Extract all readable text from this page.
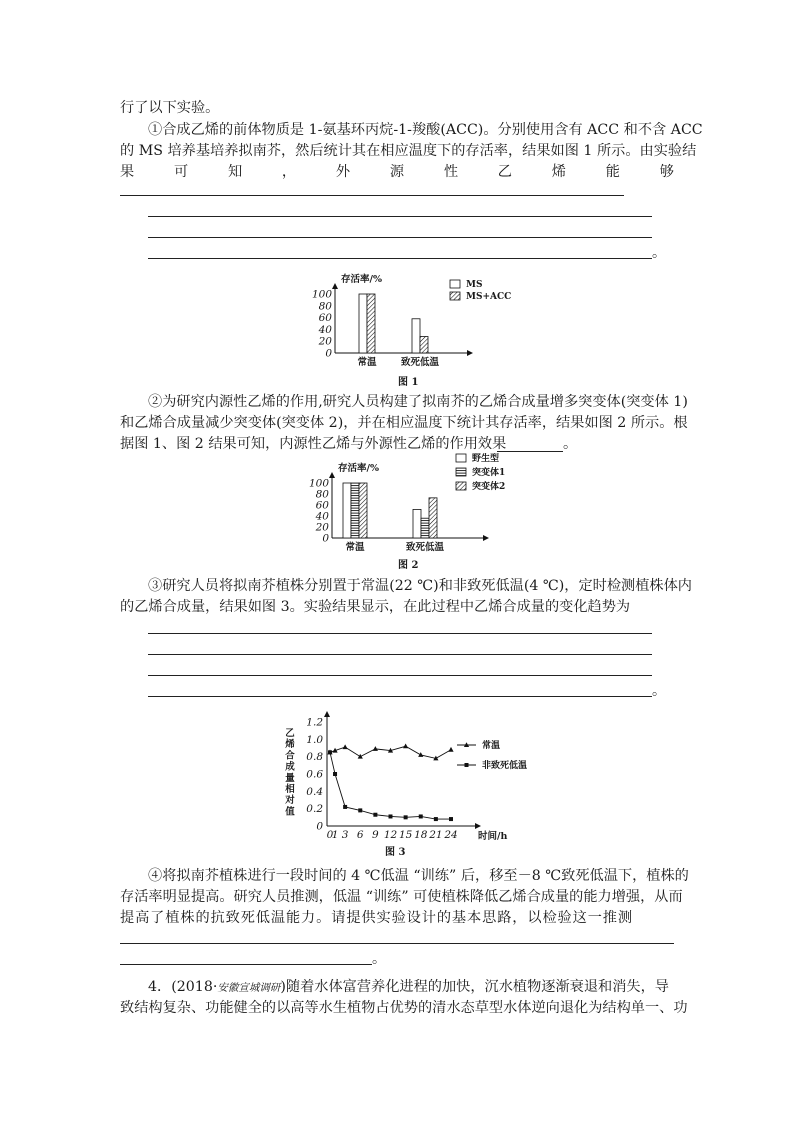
行了以下实验。
①合成乙烯的前体物质是 1-氨基环丙烷-1-羧酸(ACC)。分别使用含有 ACC 和不含 ACC
的 MS 培养基培养拟南芥，然后统计其在相应温度下的存活率，结果如图 1 所示。由实验结
果	可	知	，	外	源	性	乙	烯	能	够
。
存活率/%
100
80
60
40
20
0
常温	致死低温
MS
MS+ACC
图 1
②为研究内源性乙烯的作用,研究人员构建了拟南芥的乙烯合成量增多突变体(突变体 1)
和乙烯合成量减少突变体(突变体 2)，并在相应温度下统计其存活率，结果如图 2 所示。根
据图 1、图 2 结果可知，内源性乙烯与外源性乙烯的作用效果	。
存活率/%
100
80
60
40
20
0
常温	致死低温
野生型
突变体1
突变体2
图 2
③研究人员将拟南芥植株分别置于常温(22 ℃)和非致死低温(4 ℃)，定时检测植株体内
的乙烯合成量，结果如图 3。实验结果显示，在此过程中乙烯合成量的变化趋势为
。
1.2
1.0
0.8
0.6
0.4
0.2
0
0
1 3 6 9 12 15 18 21 24 时间/h
乙
烯
合
成
量
相
对
值
常温
非致死低温
图 3
④将拟南芥植株进行一段时间的 4 ℃低温 “训练” 后，移至－8 ℃致死低温下，植株的
存活率明显提高。研究人员推测，低温 “训练” 可使植株降低乙烯合成量的能力增强，从而
提高了植株的抗致死低温能力。请提供实验设计的基本思路，以检验这一推测
。
4．(2018·安徽宣城调研)随着水体富营养化进程的加快，沉水植物逐渐衰退和消失，导
致结构复杂、功能健全的以高等水生植物占优势的清水态草型水体逆向退化为结构单一、功
